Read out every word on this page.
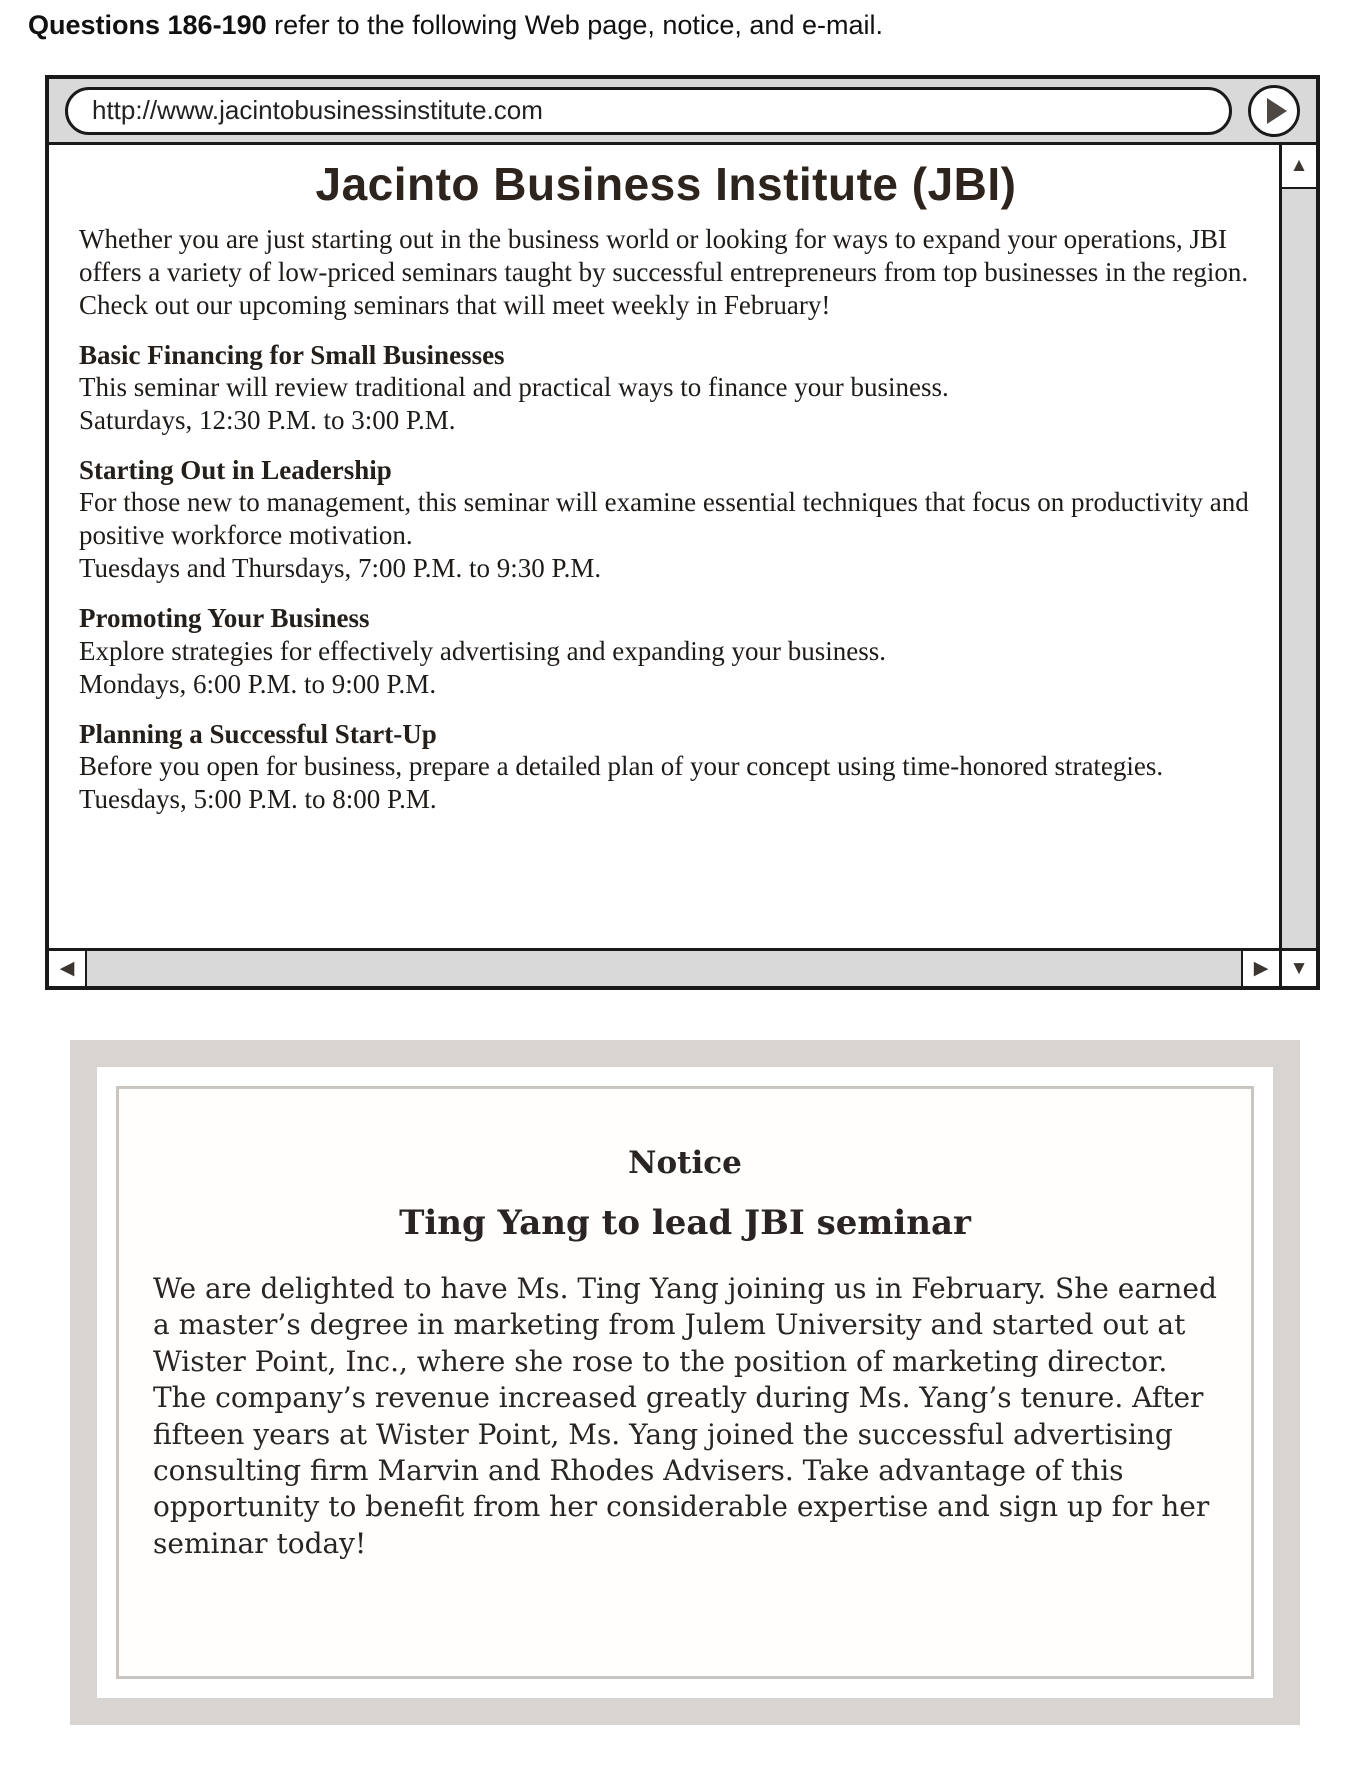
Questions 186-190 refer to the following Web page, notice, and e-mail.
http://www.jacintobusinessinstitute.com
Jacinto Business Institute (JBI)

Whether you are just starting out in the business world or looking for ways to expand your operations, JBI offers a variety of low-priced seminars taught by successful entrepreneurs from top businesses in the region. Check out our upcoming seminars that will meet weekly in February!

Basic Financing for Small Businesses

This seminar will review traditional and practical ways to finance your business.

Saturdays, 12:30 P.M. to 3:00 P.M.

Starting Out in Leadership

For those new to management, this seminar will examine essential techniques that focus on productivity and positive workforce motivation.

Tuesdays and Thursdays, 7:00 P.M. to 9:30 P.M.

Promoting Your Business

Explore strategies for effectively advertising and expanding your business.

Mondays, 6:00 P.M. to 9:00 P.M.

Planning a Successful Start-Up

Before you open for business, prepare a detailed plan of your concept using time-honored strategies.

Tuesdays, 5:00 P.M. to 8:00 P.M.

▲
◀	▶	▼
Notice
Ting Yang to lead JBI seminar

We are delighted to have Ms. Ting Yang joining us in February. She earned a master’s degree in marketing from Julem University and started out at Wister Point, Inc., where she rose to the position of marketing director. The company’s revenue increased greatly during Ms. Yang’s tenure. After fifteen years at Wister Point, Ms. Yang joined the successful advertising consulting firm Marvin and Rhodes Advisers. Take advantage of this opportunity to benefit from her considerable expertise and sign up for her seminar today!
